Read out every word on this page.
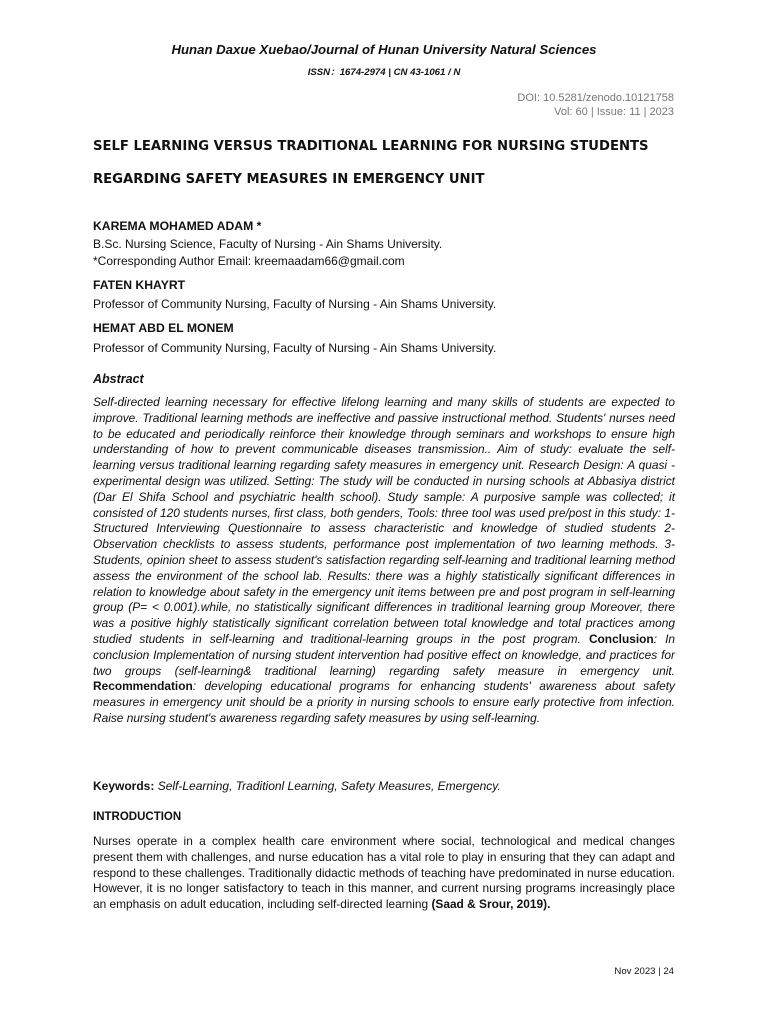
Hunan Daxue Xuebao/Journal of Hunan University Natural Sciences
ISSN：1674-2974 | CN 43-1061 / N
DOI: 10.5281/zenodo.10121758
Vol: 60 | Issue: 11 | 2023
SELF LEARNING VERSUS TRADITIONAL LEARNING FOR NURSING STUDENTS
REGARDING SAFETY MEASURES IN EMERGENCY UNIT
KAREMA MOHAMED ADAM *
B.Sc. Nursing Science, Faculty of Nursing - Ain Shams University.
*Corresponding Author Email: kreemaadam66@gmail.com
FATEN KHAYRT
Professor of Community Nursing, Faculty of Nursing - Ain Shams University.
HEMAT ABD EL MONEM
Professor of Community Nursing, Faculty of Nursing - Ain Shams University.
Abstract
Self-directed learning necessary for effective lifelong learning and many skills of students are expected to improve. Traditional learning methods are ineffective and passive instructional method. Students' nurses need to be educated and periodically reinforce their knowledge through seminars and workshops to ensure high understanding of how to prevent communicable diseases transmission.. Aim of study: evaluate the self-learning versus traditional learning regarding safety measures in emergency unit. Research Design: A quasi -experimental design was utilized. Setting: The study will be conducted in nursing schools at Abbasiya district (Dar El Shifa School and psychiatric health school). Study sample: A purposive sample was collected; it consisted of 120 students nurses, first class, both genders, Tools: three tool was used pre/post in this study: 1- Structured Interviewing Questionnaire to assess characteristic and knowledge of studied students 2- Observation checklists to assess students, performance post implementation of two learning methods. 3- Students, opinion sheet to assess student's satisfaction regarding self-learning and traditional learning method assess the environment of the school lab. Results: there was a highly statistically significant differences in relation to knowledge about safety in the emergency unit items between pre and post program in self-learning group (P= < 0.001).while, no statistically significant differences in traditional learning group Moreover, there was a positive highly statistically significant correlation between total knowledge and total practices among studied students in self-learning and traditional-learning groups in the post program. Conclusion: In conclusion Implementation of nursing student intervention had positive effect on knowledge, and practices for two groups (self-learning& traditional learning) regarding safety measure in emergency unit. Recommendation: developing educational programs for enhancing students' awareness about safety measures in emergency unit should be a priority in nursing schools to ensure early protective from infection. Raise nursing student's awareness regarding safety measures by using self-learning.
Keywords: Self-Learning, Traditionl Learning, Safety Measures, Emergency.
INTRODUCTION
Nurses operate in a complex health care environment where social, technological and medical changes present them with challenges, and nurse education has a vital role to play in ensuring that they can adapt and respond to these challenges. Traditionally didactic methods of teaching have predominated in nurse education. However, it is no longer satisfactory to teach in this manner, and current nursing programs increasingly place an emphasis on adult education, including self-directed learning (Saad & Srour, 2019).
Nov 2023 | 24
